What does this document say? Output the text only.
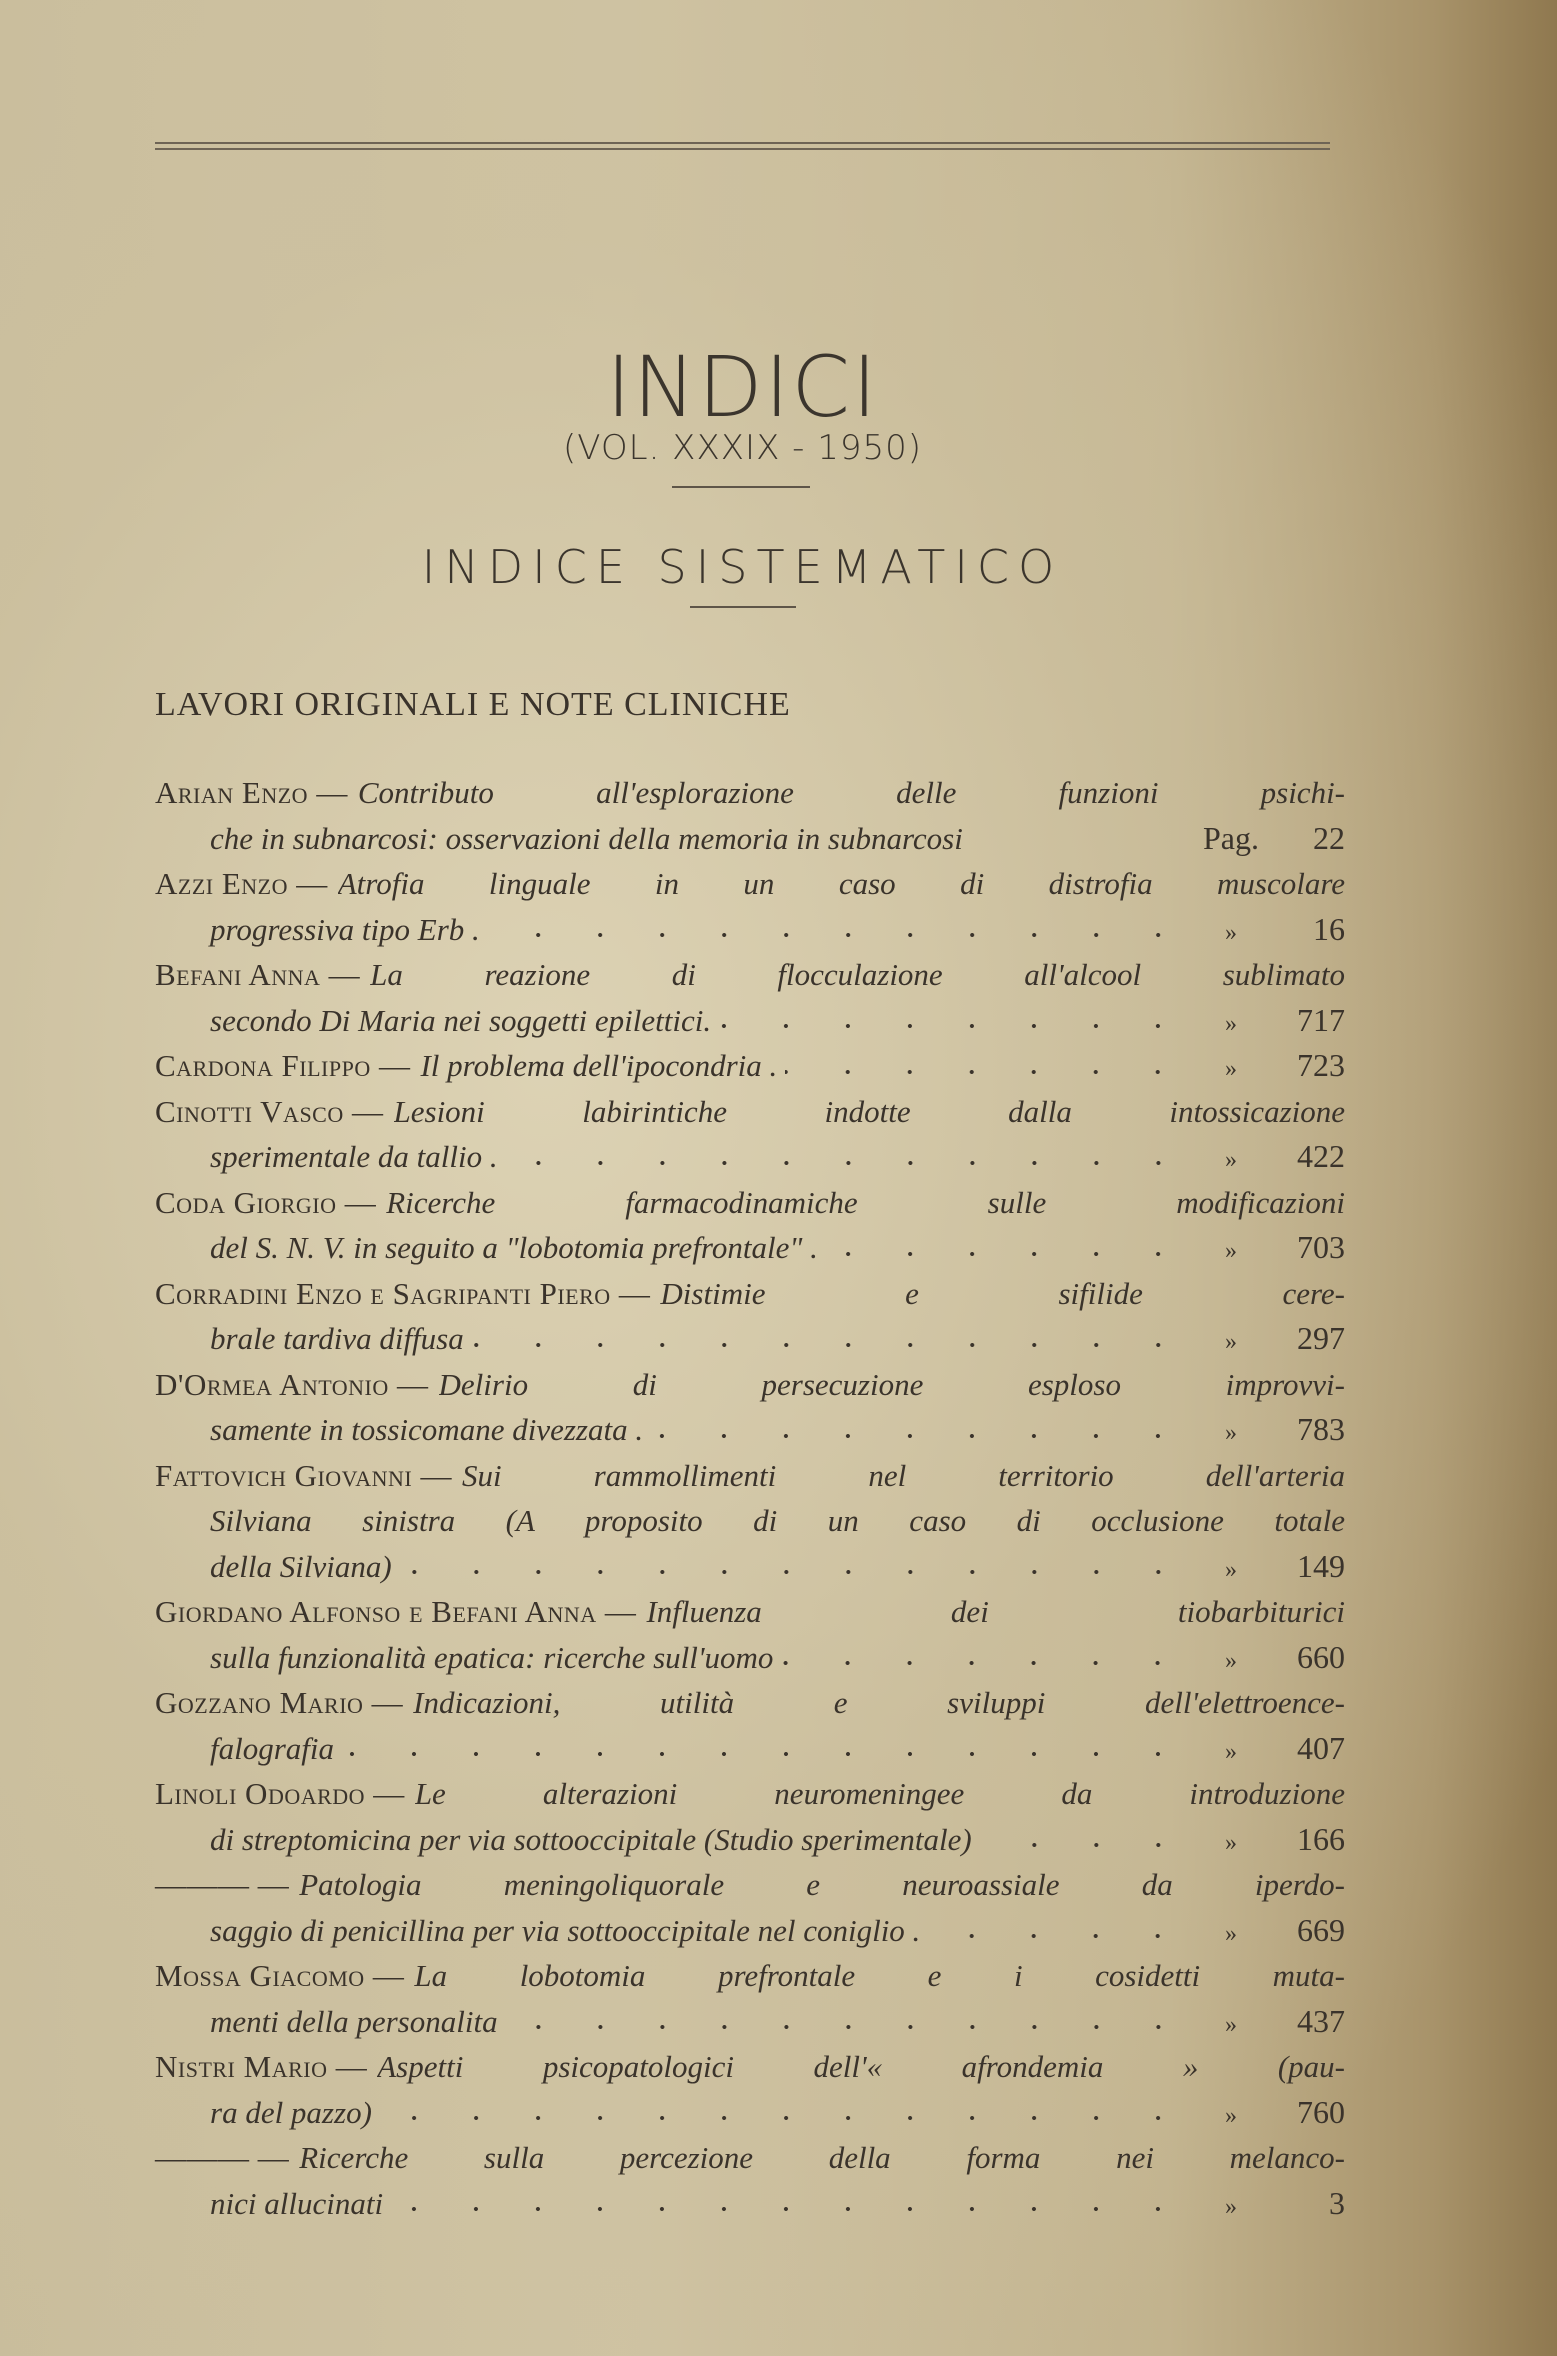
INDICI
(VOL. XXXIX - 1950)
INDICE SISTEMATICO
LAVORI ORIGINALI E NOTE CLINICHE
Arian Enzo — Contributo all'esplorazione delle funzioni psichi-
che in subnarcosi: osservazioni della memoria in subnarcosi	Pag.	22
Azzi Enzo — Atrofia linguale in un caso di distrofia muscolare
progressiva tipo Erb .	»	16
Befani Anna — La reazione di flocculazione all'alcool sublimato
secondo Di Maria nei soggetti epilettici.	»	717
Cardona Filippo — Il problema dell'ipocondria .	»	723
Cinotti Vasco — Lesioni labirintiche indotte dalla intossicazione
sperimentale da tallio .	»	422
Coda Giorgio — Ricerche farmacodinamiche sulle modificazioni
del S. N. V. in seguito a "lobotomia prefrontale" .	»	703
Corradini Enzo e Sagripanti Piero — Distimie e sifilide cere-
brale tardiva diffusa	»	297
D'Ormea Antonio — Delirio di persecuzione esploso improvvi-
samente in tossicomane divezzata .	»	783
Fattovich Giovanni — Sui rammollimenti nel territorio dell'arteria
Silviana sinistra (A proposito di un caso di occlusione totale
della Silviana)	»	149
Giordano Alfonso e Befani Anna — Influenza dei tiobarbiturici
sulla funzionalità epatica: ricerche sull'uomo	»	660
Gozzano Mario — Indicazioni, utilità e sviluppi dell'elettroence-
falografia	»	407
Linoli Odoardo — Le alterazioni neuromeningee da introduzione
di streptomicina per via sottooccipitale (Studio sperimentale)	»	166
——— — Patologia meningoliquorale e neuroassiale da iperdo-
saggio di penicillina per via sottooccipitale nel coniglio .	»	669
Mossa Giacomo — La lobotomia prefrontale e i cosidetti muta-
menti della personalita	»	437
Nistri Mario — Aspetti psicopatologici dell'« afrondemia » (pau-
ra del pazzo)	»	760
——— — Ricerche sulla percezione della forma nei melanco-
nici allucinati	»	3
